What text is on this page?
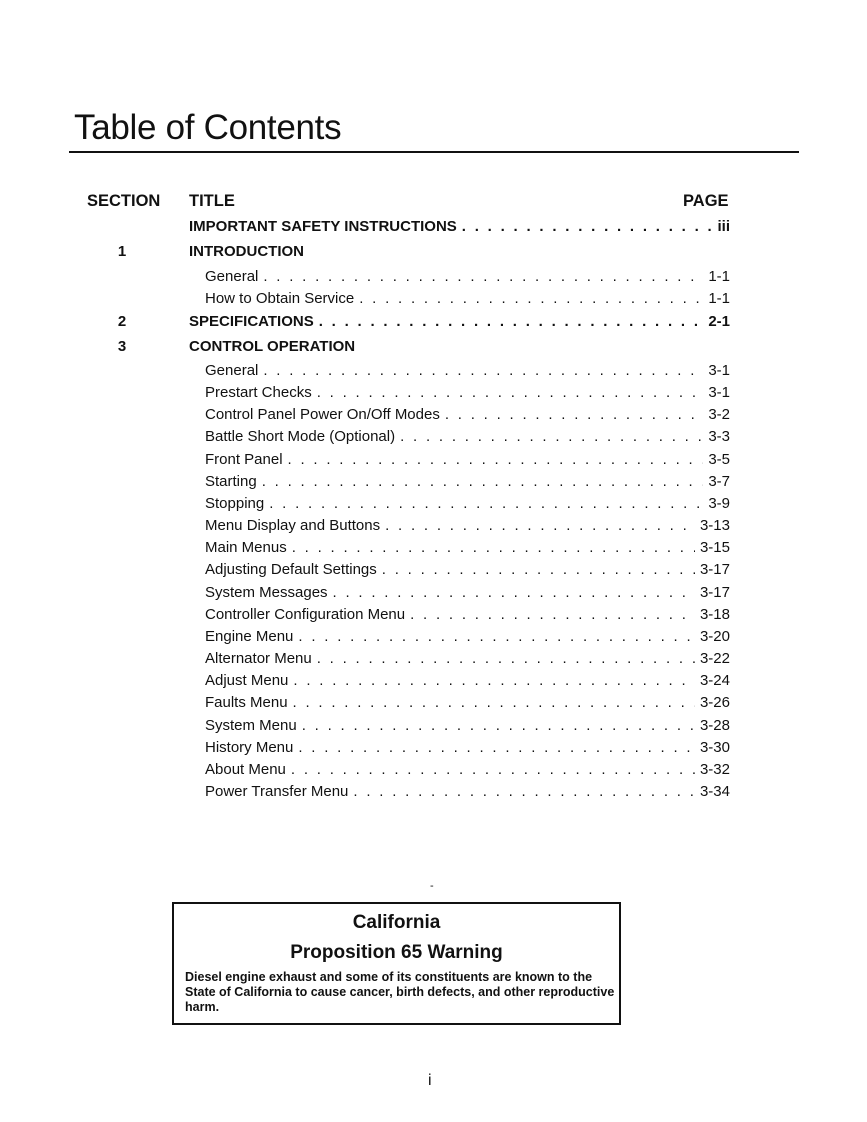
Table of Contents
SECTION TITLE	PAGE
IMPORTANT SAFETY INSTRUCTIONS . . .	iii
1	INTRODUCTION
General . . .	1-1
How to Obtain Service . . .	1-1
2	SPECIFICATIONS . . .	2-1
3	CONTROL OPERATION
General . . .	3-1
Prestart Checks . . .	3-1
Control Panel Power On/Off Modes . . .	3-2
Battle Short Mode (Optional) . . .	3-3
Front Panel . . .	3-5
Starting . . .	3-7
Stopping . . .	3-9
Menu Display and Buttons . . .	3-13
Main Menus . . .	3-15
Adjusting Default Settings . . .	3-17
System Messages . . .	3-17
Controller Configuration Menu . . .	3-18
Engine Menu . . .	3-20
Alternator Menu . . .	3-22
Adjust Menu . . .	3-24
Faults Menu . . .	3-26
System Menu . . .	3-28
History Menu . . .	3-30
About Menu . . .	3-32
Power Transfer Menu . . .	3-34
-

California

Proposition 65 Warning

Diesel engine exhaust and some of its constituents are known to the State of California to cause cancer, birth defects, and other reproductive harm.

i
